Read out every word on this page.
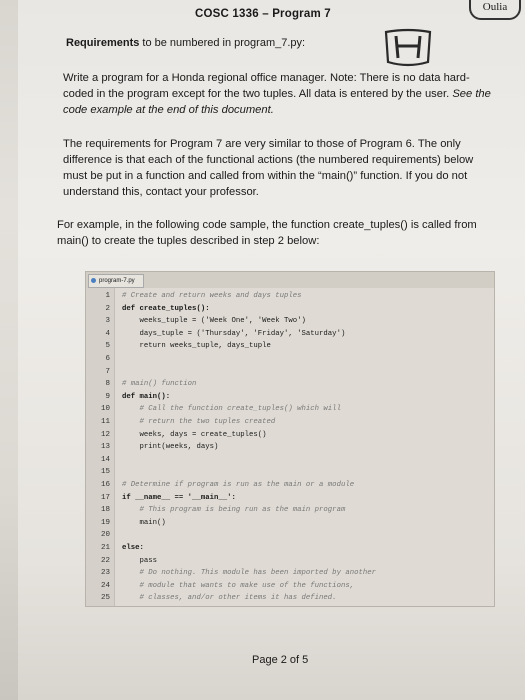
Oulia
COSC 1336 – Program 7
Requirements to be numbered in program_7.py:
Write a program for a Honda regional office manager. Note: There is no data hard-coded in the program except for the two tuples. All data is entered by the user. See the code example at the end of this document.
The requirements for Program 7 are very similar to those of Program 6. The only difference is that each of the functional actions (the numbered requirements) below must be put in a function and called from within the “main()” function. If you do not understand this, contact your professor.
For example, in the following code sample, the function create_tuples() is called from main() to create the tuples described in step 2 below:
program-7.py
1 # Create and return weeks and days tuples
2 def create_tuples():
3 weeks_tuple = ('Week One', 'Week Two')
4 days_tuple = ('Thursday', 'Friday', 'Saturday')
5 return weeks_tuple, days_tuple
6
7
8 # main() function
9 def main():
10 # Call the function create_tuples() which will
11 # return the two tuples created
12 weeks, days = create_tuples()
13 print(weeks, days)
14
15
16 # Determine if program is run as the main or a module
17 if __name__ == '__main__':
18 # This program is being run as the main program
19 main()
20
21 else:
22 pass
23 # Do nothing. This module has been imported by another
24 # module that wants to make use of the functions,
25 # classes, and/or other items it has defined.
Page 2 of 5
